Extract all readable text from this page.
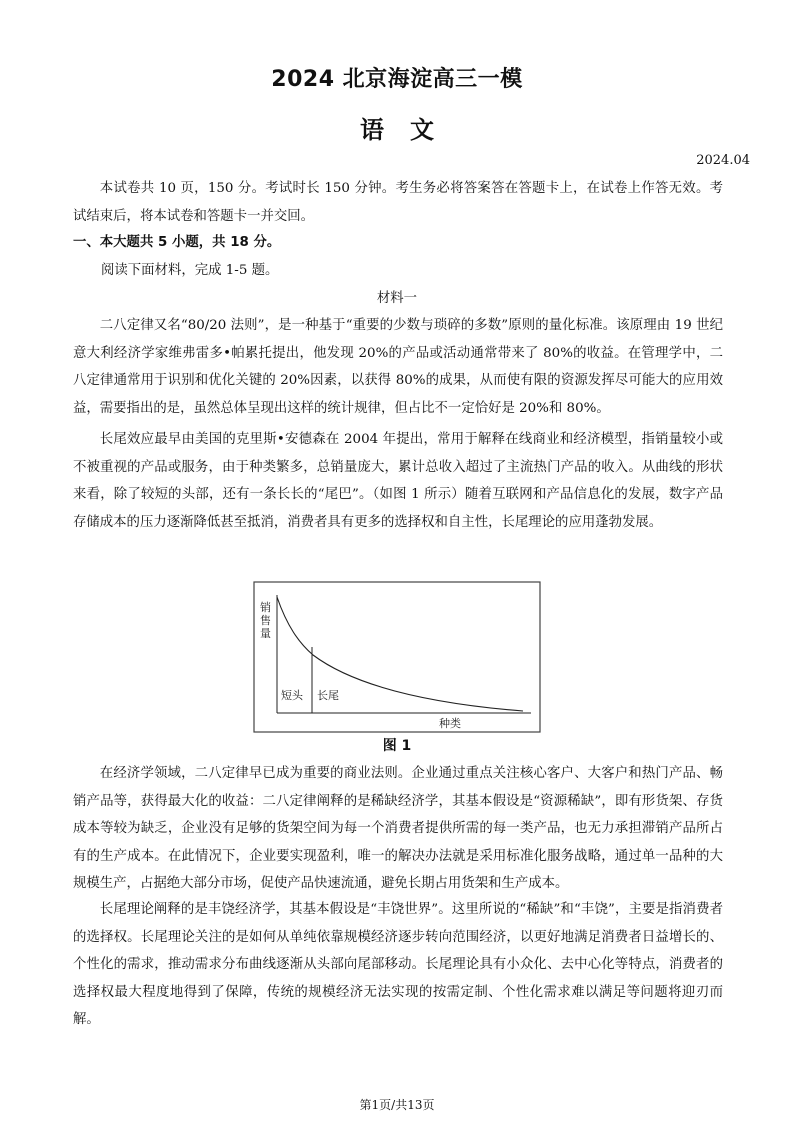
2024 北京海淀高三一模
语文
2024.04

本试卷共 10 页，150 分。考试时长 150 分钟。考生务必将答案答在答题卡上，在试卷上作答无效。考试结束后，将本试卷和答题卡一并交回。

一、本大题共 5 小题，共 18 分。
阅读下面材料，完成 1-5 题。
材料一

二八定律又名“80/20 法则”，是一种基于“重要的少数与琐碎的多数”原则的量化标准。该原理由 19 世纪意大利经济学家维弗雷多•帕累托提出，他发现 20%的产品或活动通常带来了 80%的收益。在管理学中，二八定律通常用于识别和优化关键的 20%因素，以获得 80%的成果，从而使有限的资源发挥尽可能大的应用效益，需要指出的是，虽然总体呈现出这样的统计规律，但占比不一定恰好是 20%和 80%。

长尾效应最早由美国的克里斯•安德森在 2004 年提出，常用于解释在线商业和经济模型，指销量较小或不被重视的产品或服务，由于种类繁多，总销量庞大，累计总收入超过了主流热门产品的收入。从曲线的形状来看，除了较短的头部，还有一条长长的“尾巴”。（如图 1 所示）随着互联网和产品信息化的发展，数字产品存储成本的压力逐渐降低甚至抵消，消费者具有更多的选择权和自主性，长尾理论的应用蓬勃发展。

销
售
量
短头 长尾
种类
图 1

在经济学领域，二八定律早已成为重要的商业法则。企业通过重点关注核心客户、大客户和热门产品、畅销产品等，获得最大化的收益：二八定律阐释的是稀缺经济学，其基本假设是“资源稀缺”，即有形货架、存货成本等较为缺乏，企业没有足够的货架空间为每一个消费者提供所需的每一类产品，也无力承担滞销产品所占有的生产成本。在此情况下，企业要实现盈利，唯一的解决办法就是采用标准化服务战略，通过单一品种的大规模生产，占据绝大部分市场，促使产品快速流通，避免长期占用货架和生产成本。

长尾理论阐释的是丰饶经济学，其基本假设是“丰饶世界”。这里所说的“稀缺”和“丰饶”，主要是指消费者的选择权。长尾理论关注的是如何从单纯依靠规模经济逐步转向范围经济，以更好地满足消费者日益增长的、个性化的需求，推动需求分布曲线逐渐从头部向尾部移动。长尾理论具有小众化、去中心化等特点，消费者的选择权最大程度地得到了保障，传统的规模经济无法实现的按需定制、个性化需求难以满足等问题将迎刃而解。

第1页/共13页
